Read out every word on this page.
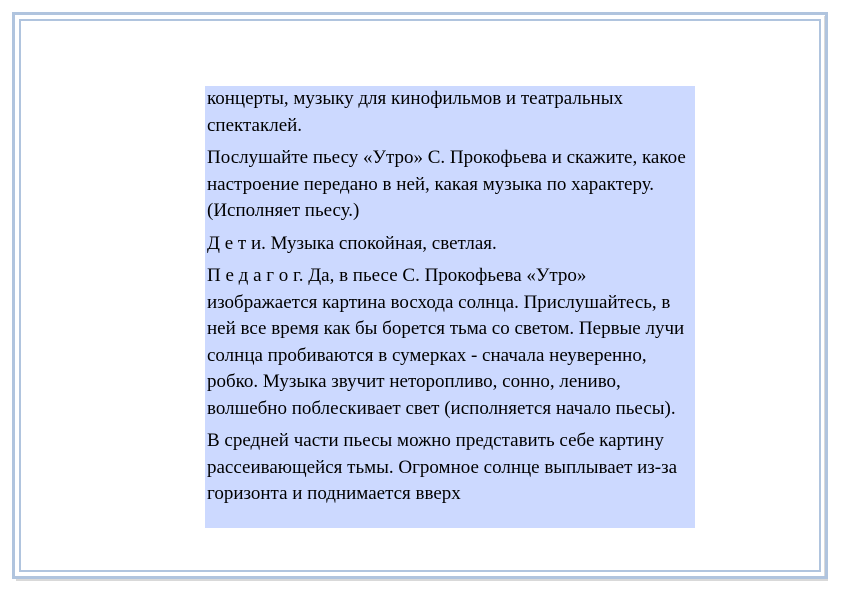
концерты, музыку для кинофильмов и театральных спектаклей.

Послушайте пьесу «Утро» С. Прокофьева и скажите, какое настроение передано в ней, какая музыка по характеру. (Исполняет пьесу.)

Д е т и. Музыка спокойная, светлая.

П е д а г о г. Да, в пьесе С. Прокофьева «Утро» изображается картина восхода солнца. Прислушайтесь, в ней все время как бы борется тьма со светом. Первые лучи солнца пробиваются в сумерках - сначала неуверенно, робко. Музыка звучит неторопливо, сонно, лениво, волшебно поблескивает свет (исполняется начало пьесы).

В средней части пьесы можно представить себе картину рассеивающейся тьмы. Огромное солнце выплывает из-за горизонта и поднимается вверх
